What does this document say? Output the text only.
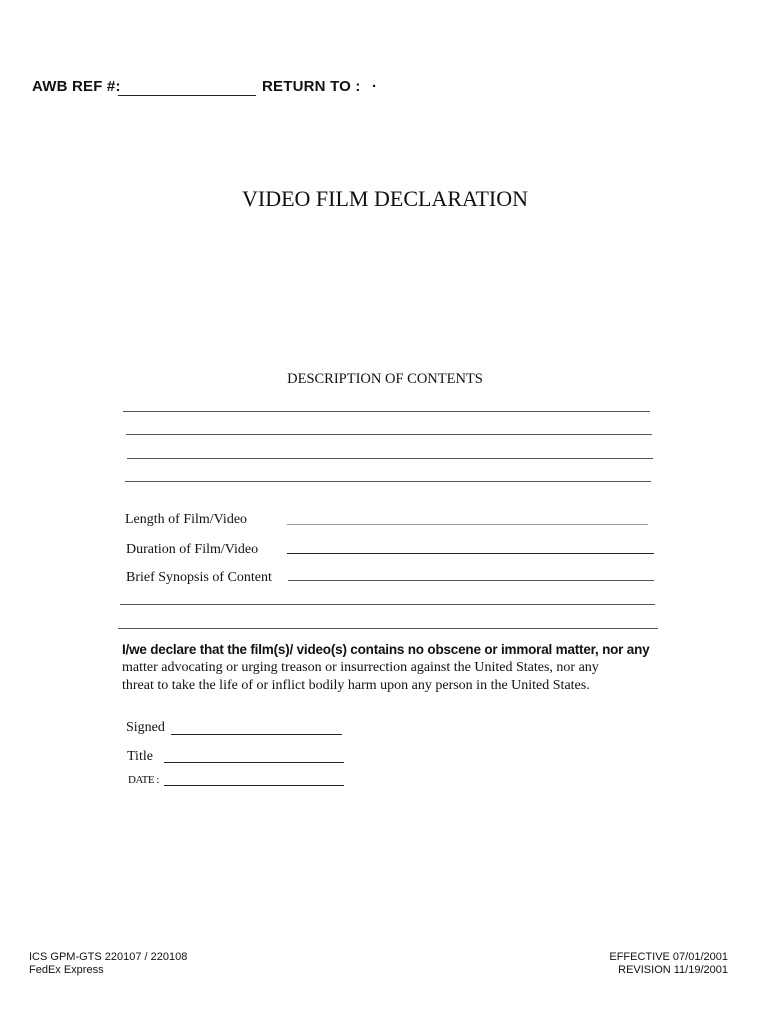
AWB REF #:	RETURN TO : ·
VIDEO FILM DECLARATION
DESCRIPTION OF CONTENTS
Length of Film/Video
Duration of Film/Video
Brief Synopsis of Content
I/we declare that the film(s)/ video(s) contains no obscene or immoral matter, nor any
matter advocating or urging treason or insurrection against the United States, nor any
threat to take the life of or inflict bodily harm upon any person in the United States.
Signed
Title
DATE :
ICS GPM-GTS 220107 / 220108
FedEx Express
EFFECTIVE 07/01/2001
REVISION 11/19/2001
